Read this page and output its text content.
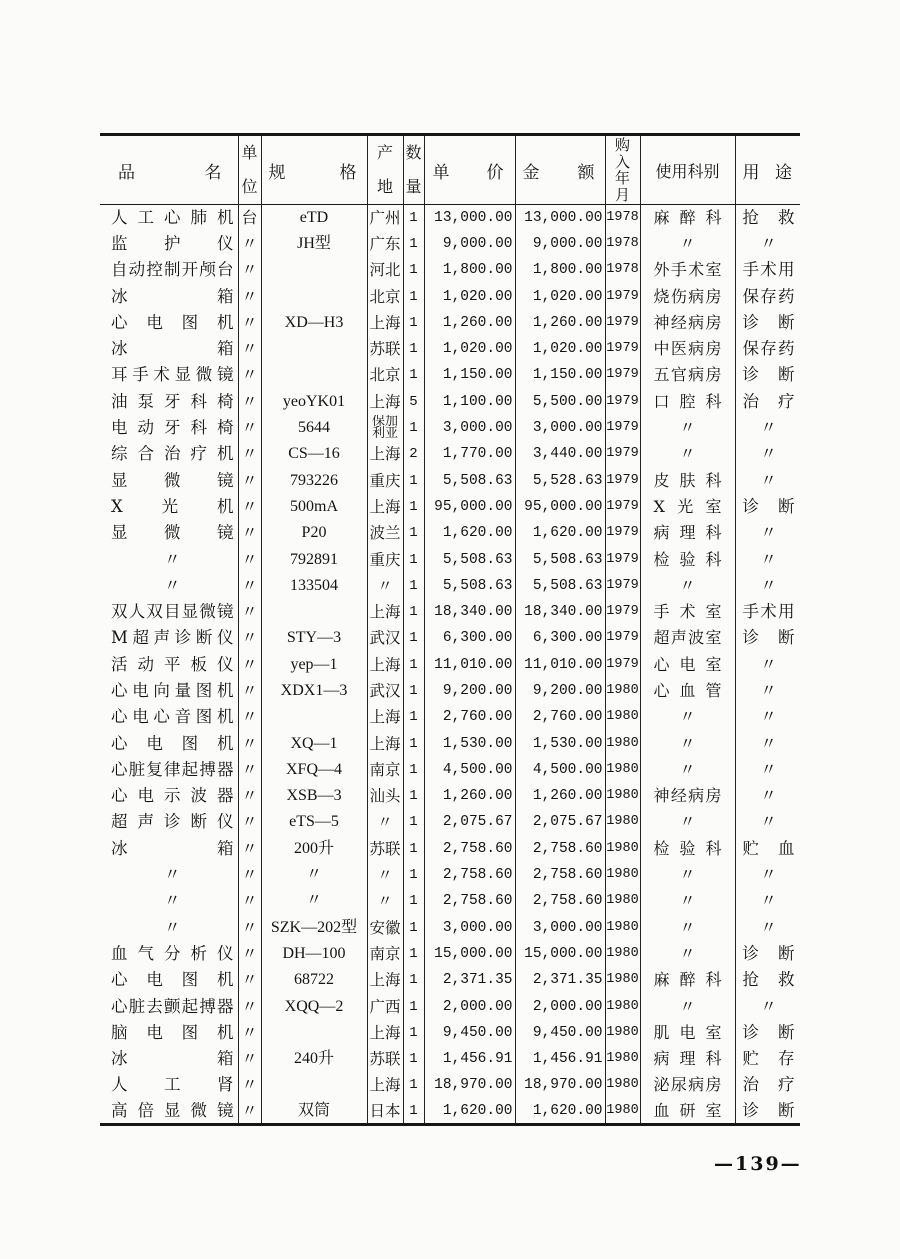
品名	单位	规格	产地	数量	单价	金额	购入年月	使用科别	用途

人工心肺机	台	eTD	广州	1	13,000.00	13,000.00	1978	麻醉科	抢救

监护仪	〃	JH型	广东	1	9,000.00	9,000.00	1978	〃	〃

自动控制开颅台	〃		河北	1	1,800.00	1,800.00	1978	外手术室	手术用

冰箱	〃		北京	1	1,020.00	1,020.00	1979	烧伤病房	保存药

心电图机	〃	XD—H3	上海	1	1,260.00	1,260.00	1979	神经病房	诊断

冰箱	〃		苏联	1	1,020.00	1,020.00	1979	中医病房	保存药

耳手术显微镜	〃		北京	1	1,150.00	1,150.00	1979	五官病房	诊断

油泵牙科椅	〃	yeoYK01	上海	5	1,100.00	5,500.00	1979	口腔科	治疗

电动牙科椅	〃	5644	保加利亚	1	3,000.00	3,000.00	1979	〃	〃

综合治疗机	〃	CS—16	上海	2	1,770.00	3,440.00	1979	〃	〃

显微镜	〃	793226	重庆	1	5,508.63	5,528.63	1979	皮肤科	〃

X光机	〃	500mA	上海	1	95,000.00	95,000.00	1979	X光室	诊断

显微镜	〃	P20	波兰	1	1,620.00	1,620.00	1979	病理科	〃

〃	〃	792891	重庆	1	5,508.63	5,508.63	1979	检验科	〃

〃	〃	133504	〃	1	5,508.63	5,508.63	1979	〃	〃

双人双目显微镜	〃		上海	1	18,340.00	18,340.00	1979	手术室	手术用

M超声诊断仪	〃	STY—3	武汉	1	6,300.00	6,300.00	1979	超声波室	诊断

活动平板仪	〃	yep—1	上海	1	11,010.00	11,010.00	1979	心电室	〃

心电向量图机	〃	XDX1—3	武汉	1	9,200.00	9,200.00	1980	心血管	〃

心电心音图机	〃		上海	1	2,760.00	2,760.00	1980	〃	〃

心电图机	〃	XQ—1	上海	1	1,530.00	1,530.00	1980	〃	〃

心脏复律起搏器	〃	XFQ—4	南京	1	4,500.00	4,500.00	1980	〃	〃

心电示波器	〃	XSB—3	汕头	1	1,260.00	1,260.00	1980	神经病房	〃

超声诊断仪	〃	eTS—5	〃	1	2,075.67	2,075.67	1980	〃	〃

冰箱	〃	200升	苏联	1	2,758.60	2,758.60	1980	检验科	贮血

〃	〃	〃	〃	1	2,758.60	2,758.60	1980	〃	〃

〃	〃	〃	〃	1	2,758.60	2,758.60	1980	〃	〃

〃	〃	SZK—202型	安徽	1	3,000.00	3,000.00	1980	〃	〃

血气分析仪	〃	DH—100	南京	1	15,000.00	15,000.00	1980	〃	诊断

心电图机	〃	68722	上海	1	2,371.35	2,371.35	1980	麻醉科	抢救

心脏去颤起搏器	〃	XQQ—2	广西	1	2,000.00	2,000.00	1980	〃	〃

脑电图机	〃		上海	1	9,450.00	9,450.00	1980	肌电室	诊断

冰箱	〃	240升	苏联	1	1,456.91	1,456.91	1980	病理科	贮存

人工肾	〃		上海	1	18,970.00	18,970.00	1980	泌尿病房	治疗

高倍显微镜	〃	双筒	日本	1	1,620.00	1,620.00	1980	血研室	诊断
—139—
